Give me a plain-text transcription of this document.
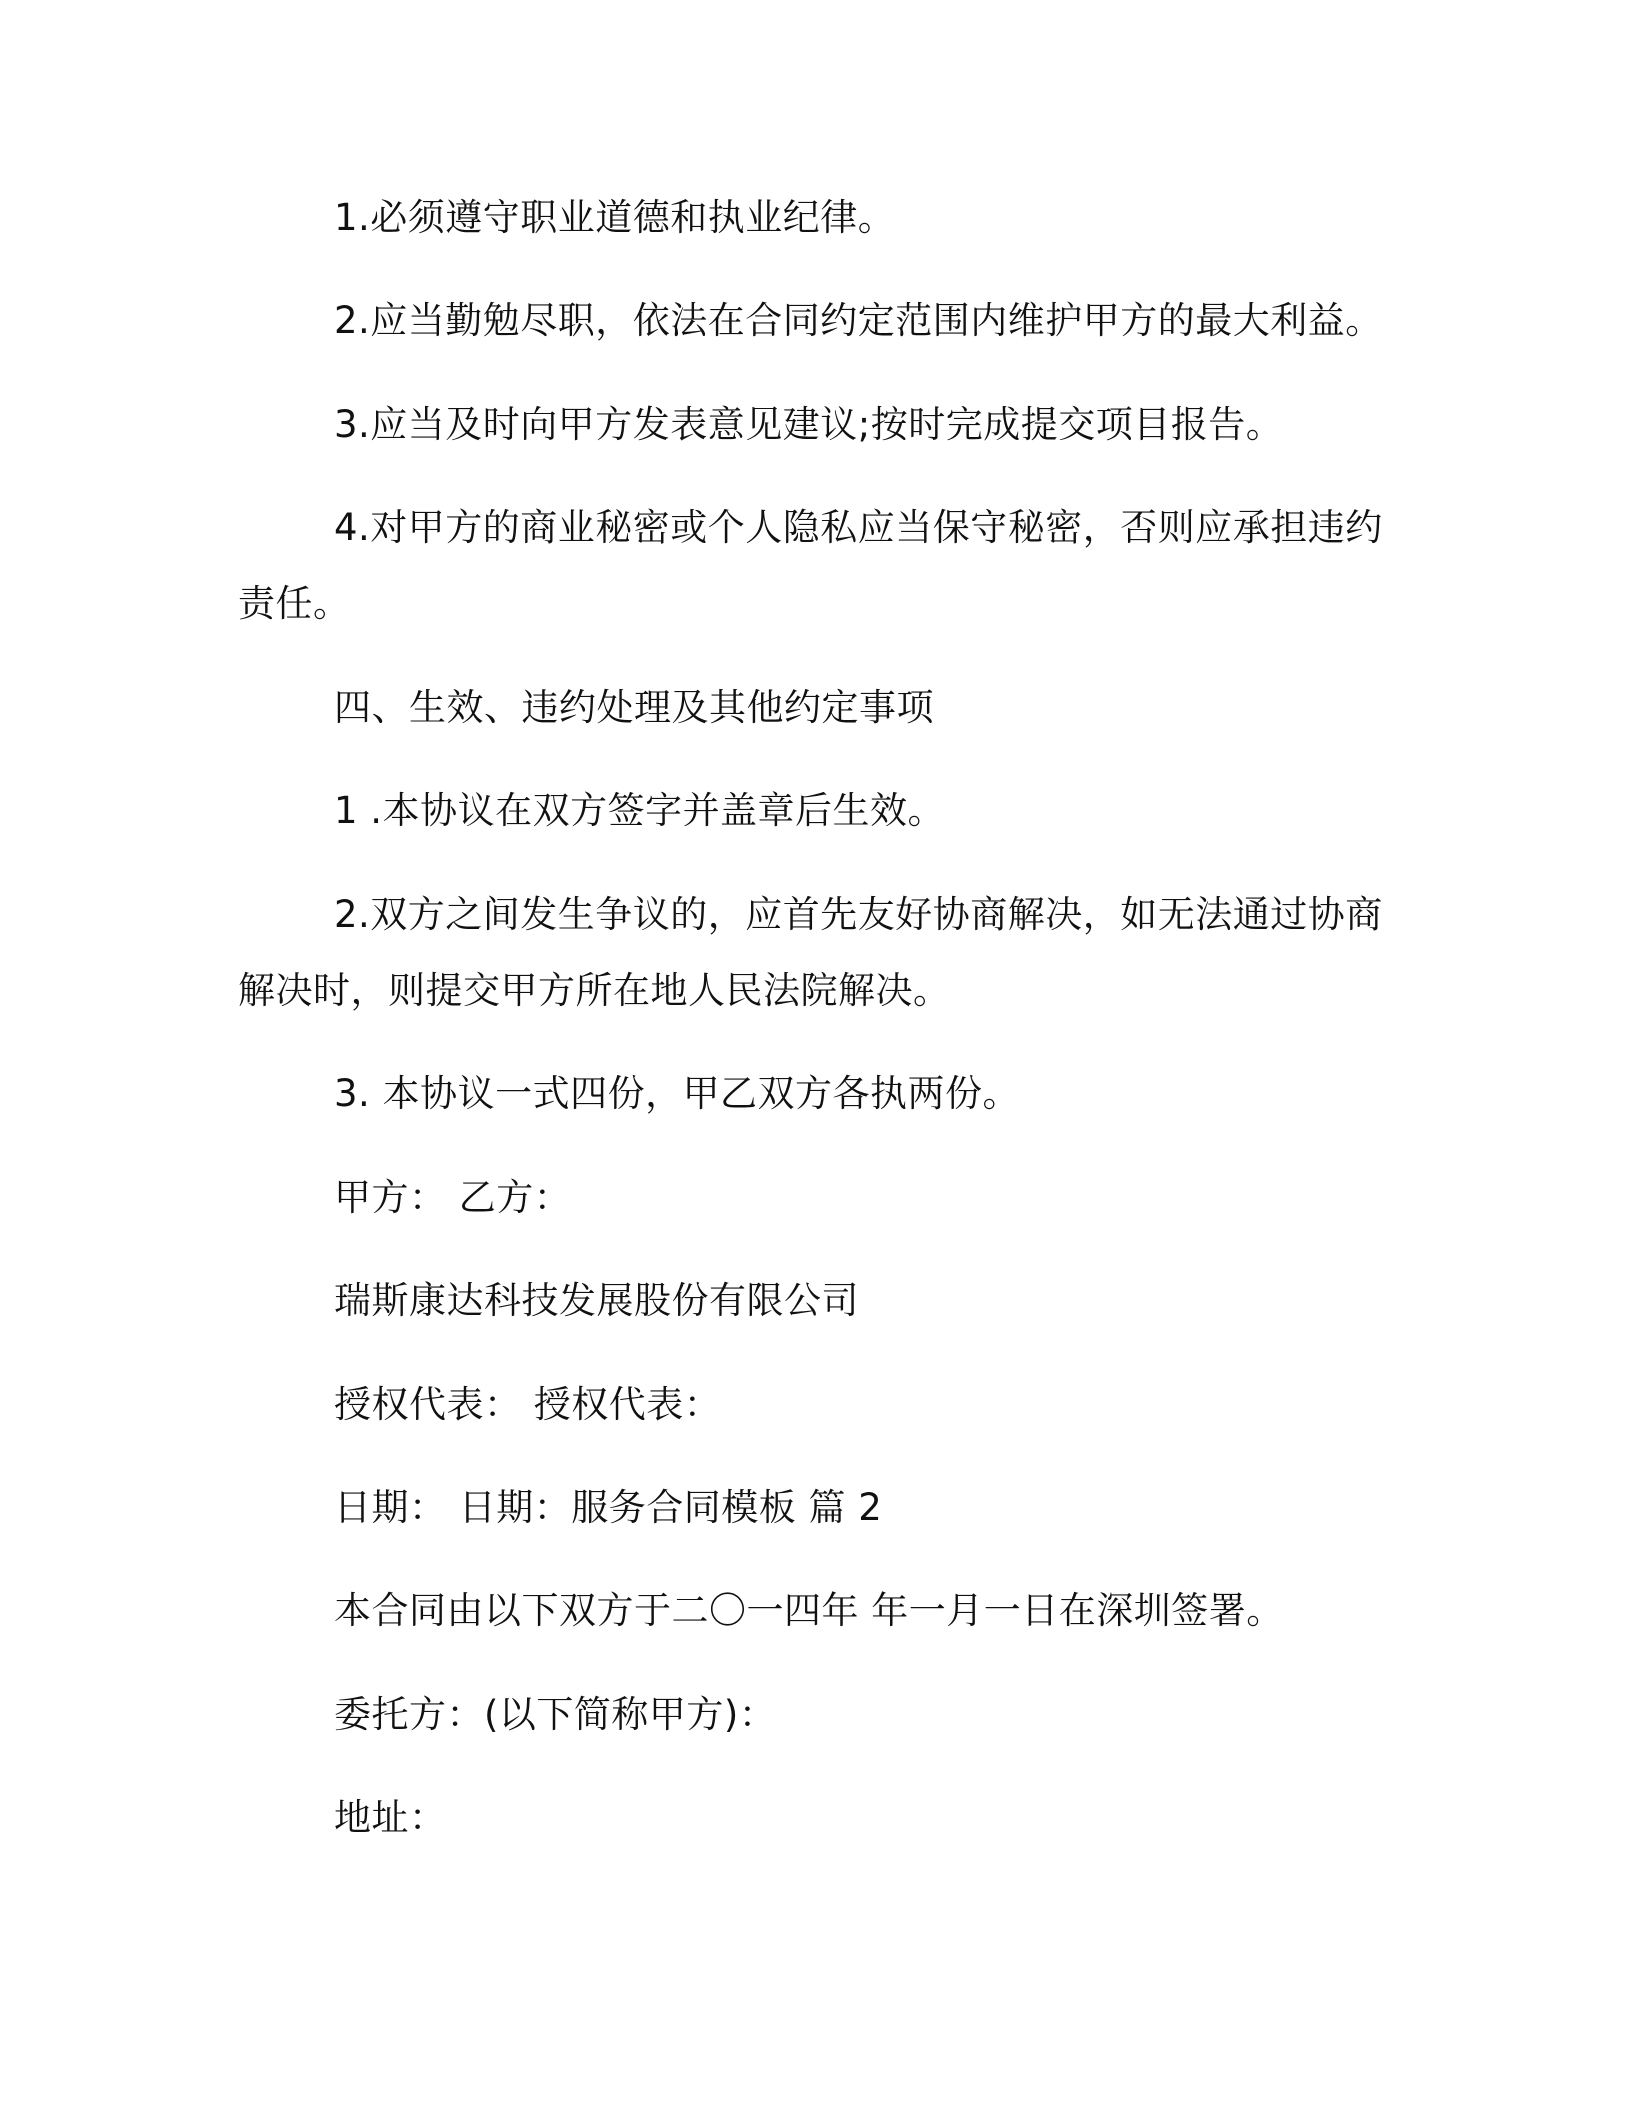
1.必须遵守职业道德和执业纪律。

2.应当勤勉尽职，依法在合同约定范围内维护甲方的最大利益。

3.应当及时向甲方发表意见建议;按时完成提交项目报告。

4.对甲方的商业秘密或个人隐私应当保守秘密，否则应承担违约责任。

四、生效、违约处理及其他约定事项

1 .本协议在双方签字并盖章后生效。

2.双方之间发生争议的，应首先友好协商解决，如无法通过协商解决时，则提交甲方所在地人民法院解决。

3. 本协议一式四份，甲乙双方各执两份。

甲方： 乙方：

瑞斯康达科技发展股份有限公司

授权代表： 授权代表：

日期： 日期：服务合同模板 篇 2

本合同由以下双方于二〇一四年 年一月一日在深圳签署。

委托方：(以下简称甲方)：

地址：
